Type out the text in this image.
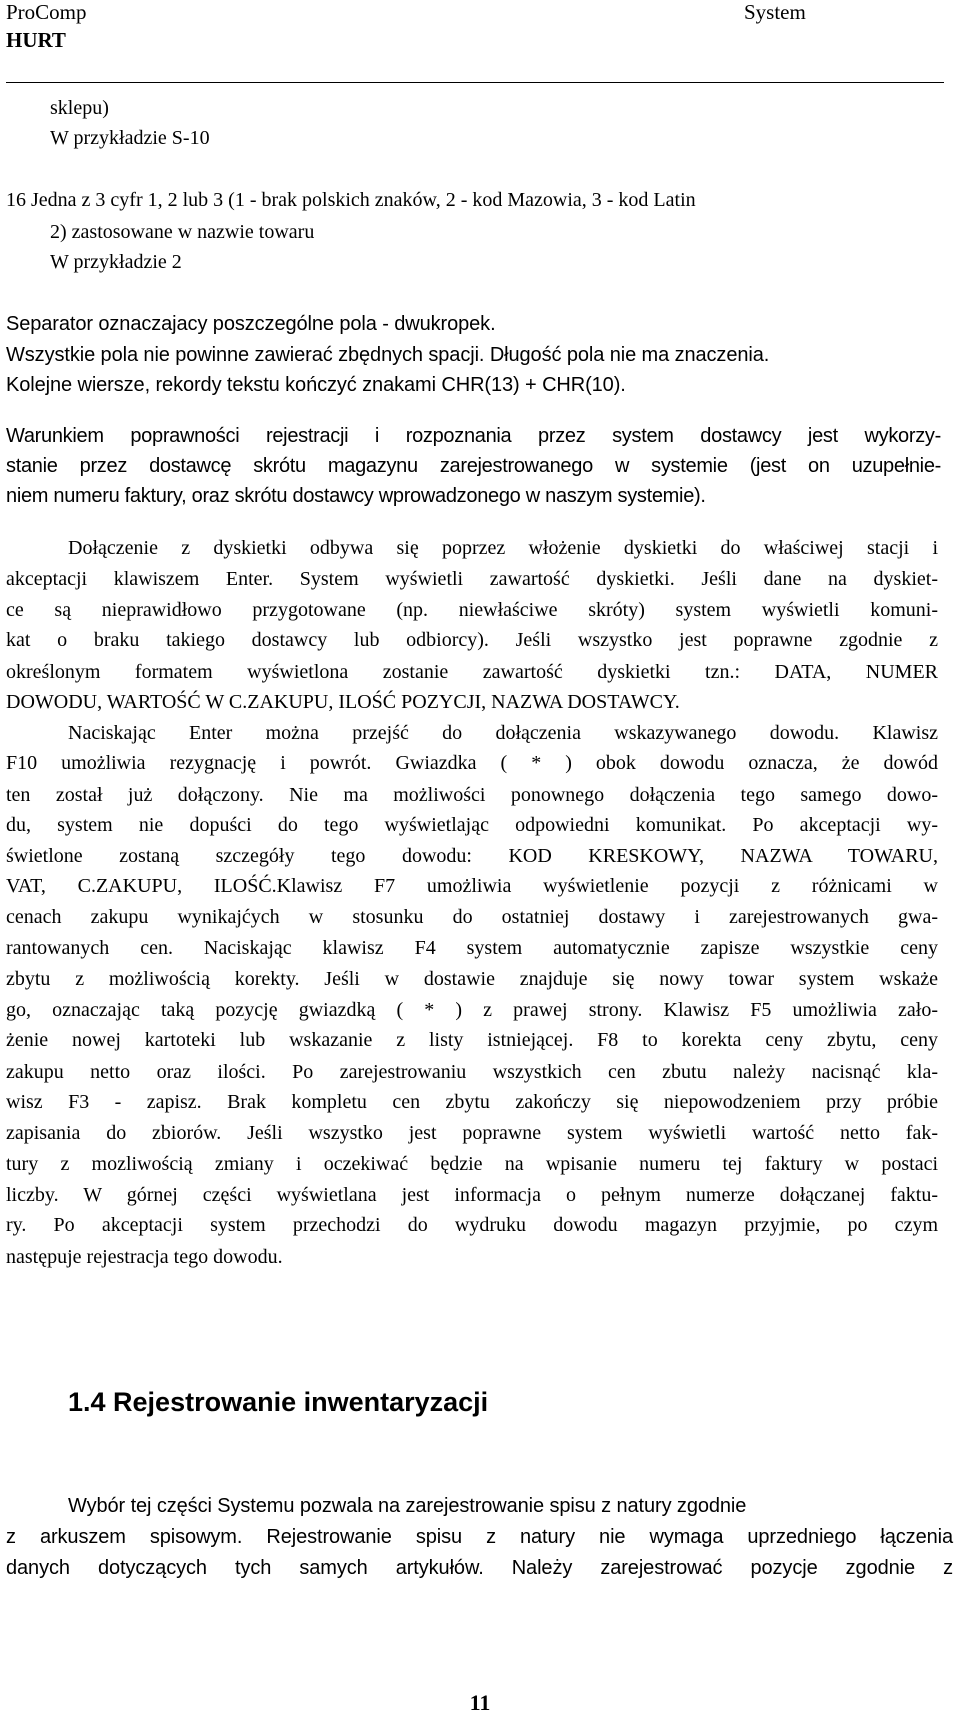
ProComp
HURT
System
sklepu)
W przykładzie S-10
16 Jedna z 3 cyfr 1, 2 lub 3 (1 - brak polskich znaków, 2 - kod Mazowia, 3 - kod Latin
2) zastosowane w nazwie towaru
W przykładzie 2
Separator oznaczajacy poszczególne pola - dwukropek.
Wszystkie pola nie powinne zawierać zbędnych spacji. Długość pola nie ma znaczenia.
Kolejne wiersze, rekordy tekstu kończyć znakami CHR(13) + CHR(10).
Warunkiem poprawności rejestracji i rozpoznania przez system dostawcy jest wykorzy-
stanie przez dostawcę skrótu magazynu zarejestrowanego w systemie (jest on uzupełnie-
niem numeru faktury, oraz skrótu dostawcy wprowadzonego w naszym systemie).
Dołączenie z dyskietki odbywa się poprzez włożenie dyskietki do właściwej stacji i
akceptacji klawiszem Enter. System wyświetli zawartość dyskietki. Jeśli dane na dyskiet-
ce są nieprawidłowo przygotowane (np. niewłaściwe skróty) system wyświetli komuni-
kat o braku takiego dostawcy lub odbiorcy). Jeśli wszystko jest poprawne zgodnie z
określonym formatem wyświetlona zostanie zawartość dyskietki tzn.: DATA, NUMER
DOWODU, WARTOŚĆ W C.ZAKUPU, ILOŚĆ POZYCJI, NAZWA DOSTAWCY.
Naciskając Enter można przejść do dołączenia wskazywanego dowodu. Klawisz
F10 umożliwia rezygnację i powrót. Gwiazdka ( * ) obok dowodu oznacza, że dowód
ten został już dołączony. Nie ma możliwości ponownego dołączenia tego samego dowo-
du, system nie dopuści do tego wyświetlając odpowiedni komunikat. Po akceptacji wy-
świetlone zostaną szczegóły tego dowodu: KOD KRESKOWY, NAZWA TOWARU,
VAT, C.ZAKUPU, ILOŚĆ.Klawisz F7 umożliwia wyświetlenie pozycji z różnicami w
cenach zakupu wynikajćych w stosunku do ostatniej dostawy i zarejestrowanych gwa-
rantowanych cen. Naciskając klawisz F4 system automatycznie zapisze wszystkie ceny
zbytu z możliwością korekty. Jeśli w dostawie znajduje się nowy towar system wskaże
go, oznaczając taką pozycję gwiazdką ( * ) z prawej strony. Klawisz F5 umożliwia zało-
żenie nowej kartoteki lub wskazanie z listy istniejącej. F8 to korekta ceny zbytu, ceny
zakupu netto oraz ilości. Po zarejestrowaniu wszystkich cen zbutu należy nacisnąć kla-
wisz F3 - zapisz. Brak kompletu cen zbytu zakończy się niepowodzeniem przy próbie
zapisania do zbiorów. Jeśli wszystko jest poprawne system wyświetli wartość netto fak-
tury z mozliwością zmiany i oczekiwać będzie na wpisanie numeru tej faktury w postaci
liczby. W górnej części wyświetlana jest informacja o pełnym numerze dołączanej faktu-
ry. Po akceptacji system przechodzi do wydruku dowodu magazyn przyjmie, po czym
następuje rejestracja tego dowodu.
1.4 Rejestrowanie inwentaryzacji
Wybór tej części Systemu pozwala na zarejestrowanie spisu z natury zgodnie
z arkuszem spisowym. Rejestrowanie spisu z natury nie wymaga uprzedniego łączenia
danych dotyczących tych samych artykułów. Należy zarejestrować pozycje zgodnie z
11
